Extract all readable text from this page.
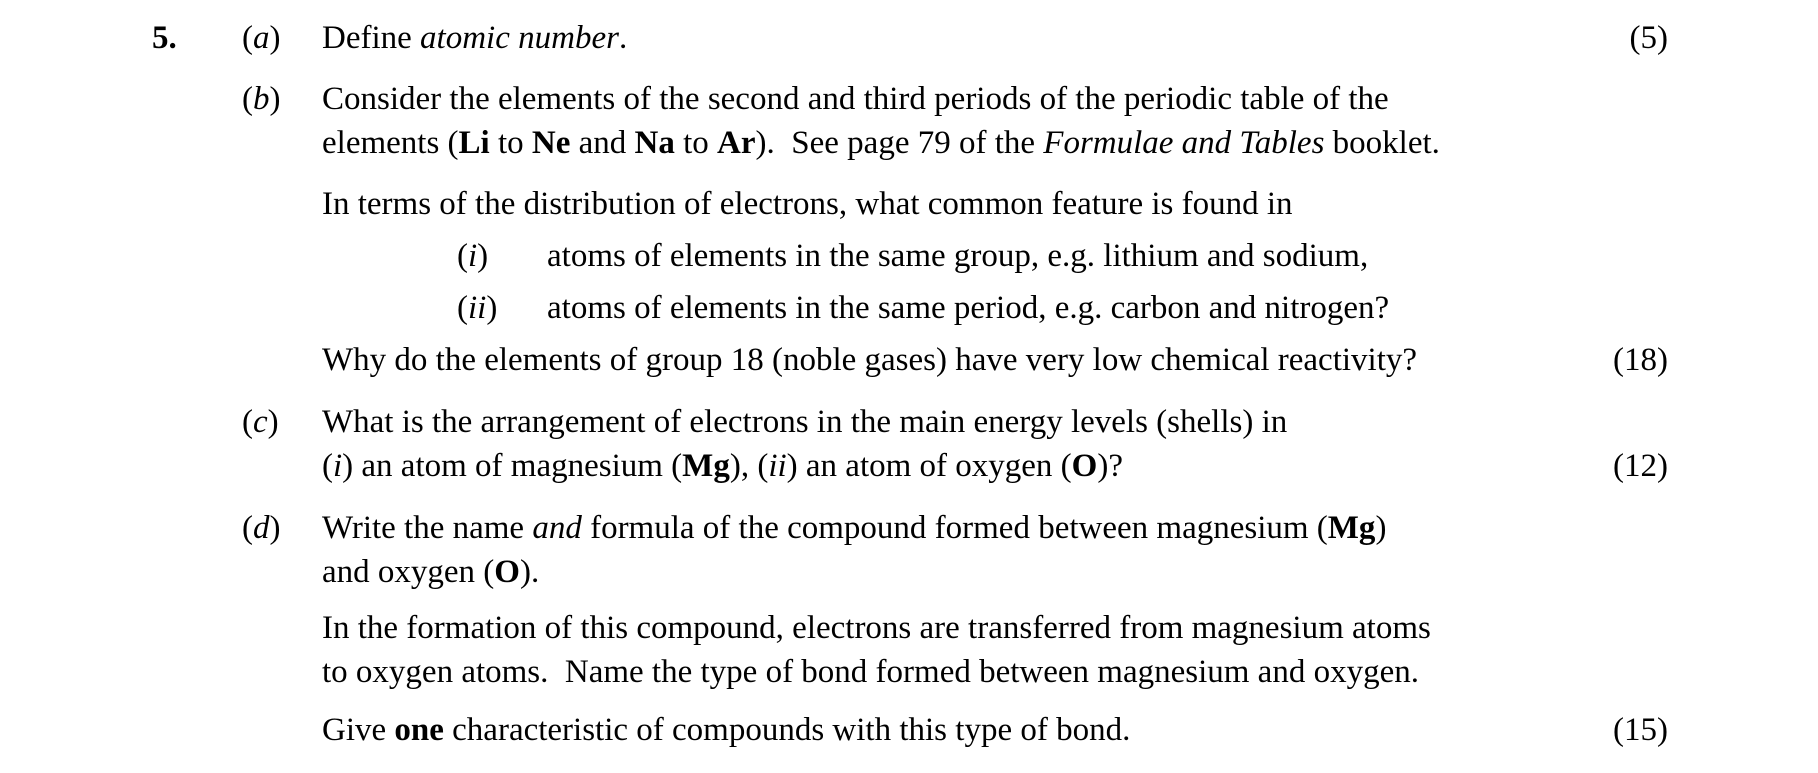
5. (a) Define atomic number.	(5)
(b) Consider the elements of the second and third periods of the periodic table of the
elements (Li to Ne and Na to Ar).  See page 79 of the Formulae and Tables booklet.
In terms of the distribution of electrons, what common feature is found in
(i) atoms of elements in the same group, e.g. lithium and sodium,
(ii) atoms of elements in the same period, e.g. carbon and nitrogen?
Why do the elements of group 18 (noble gases) have very low chemical reactivity?	(18)
(c) What is the arrangement of electrons in the main energy levels (shells) in
(i) an atom of magnesium (Mg), (ii) an atom of oxygen (O)?	(12)
(d) Write the name and formula of the compound formed between magnesium (Mg)
and oxygen (O).
In the formation of this compound, electrons are transferred from magnesium atoms
to oxygen atoms.  Name the type of bond formed between magnesium and oxygen.
Give one characteristic of compounds with this type of bond.	(15)
